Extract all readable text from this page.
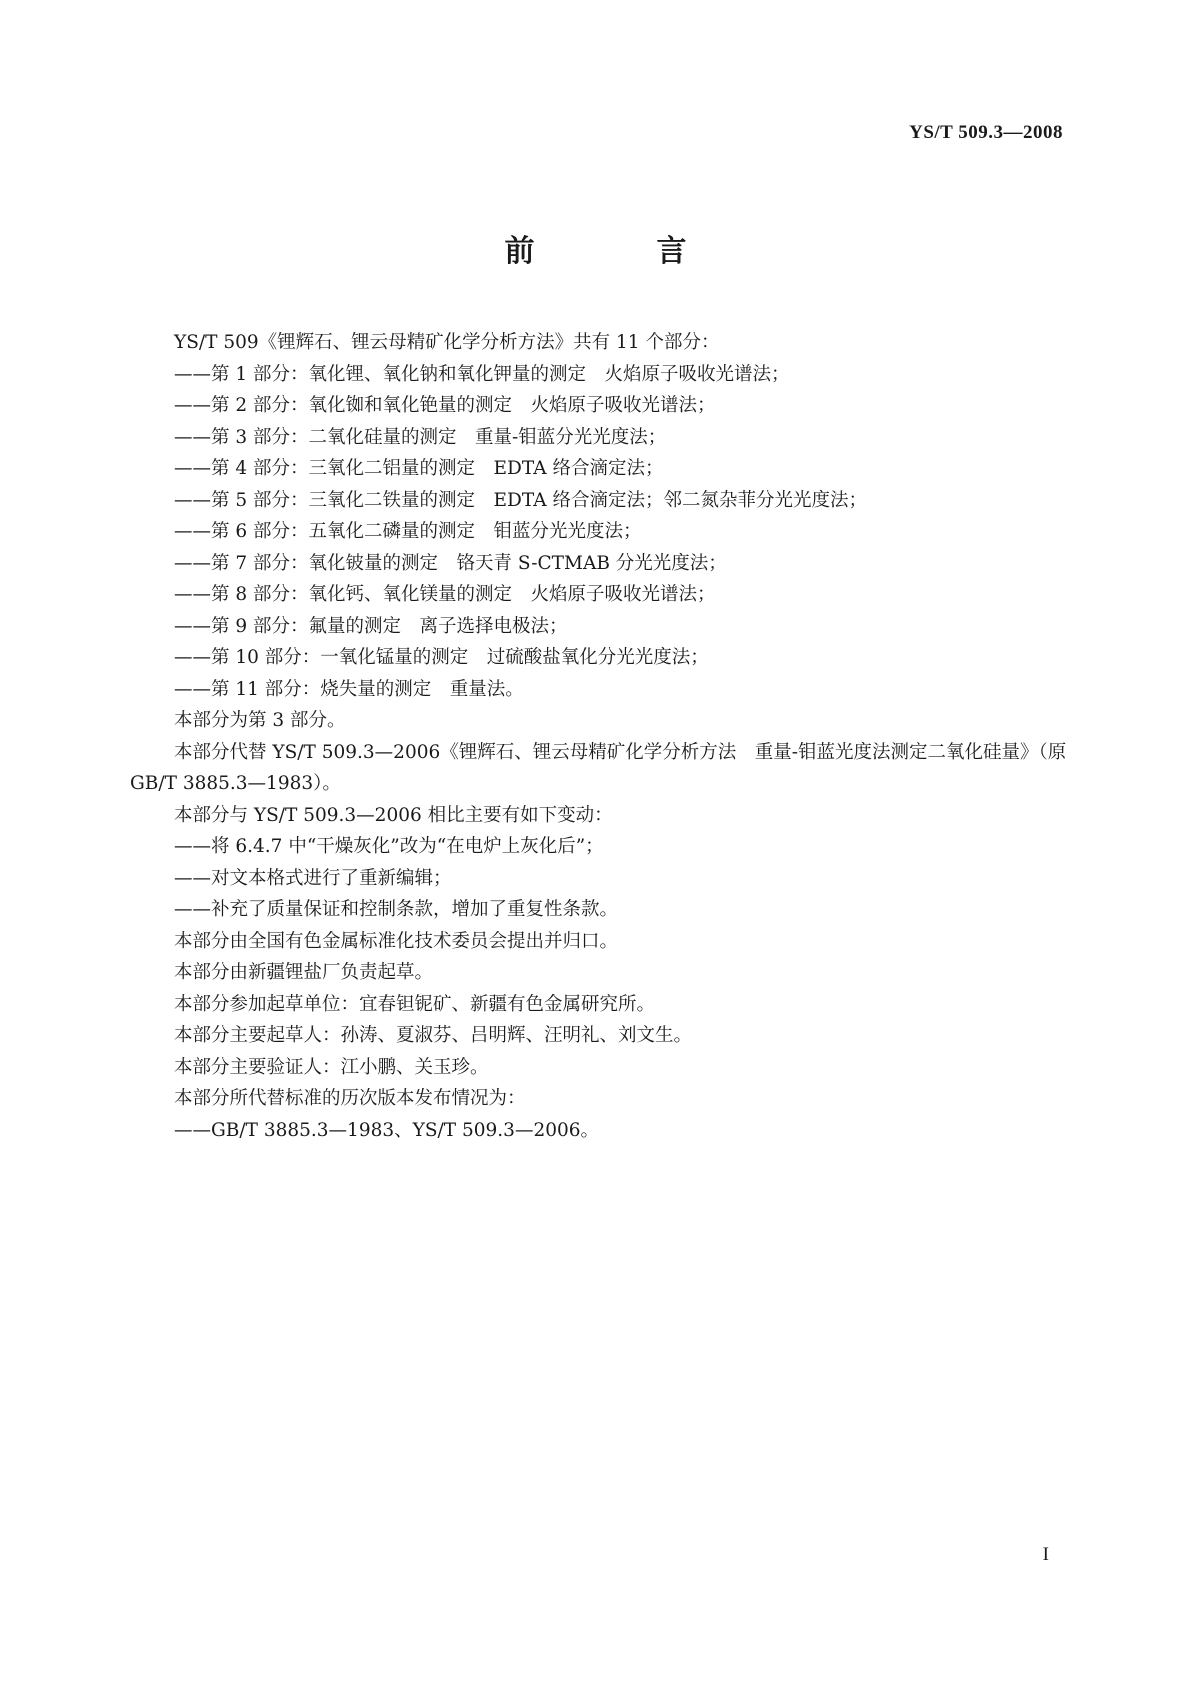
YS/T 509.3—2008
前　言

YS/T 509《锂辉石、锂云母精矿化学分析方法》共有 11 个部分：

——第 1 部分：氧化锂、氧化钠和氧化钾量的测定　火焰原子吸收光谱法；

——第 2 部分：氧化铷和氧化铯量的测定　火焰原子吸收光谱法；

——第 3 部分：二氧化硅量的测定　重量-钼蓝分光光度法；

——第 4 部分：三氧化二铝量的测定　EDTA 络合滴定法；

——第 5 部分：三氧化二铁量的测定　EDTA 络合滴定法；邻二氮杂菲分光光度法；

——第 6 部分：五氧化二磷量的测定　钼蓝分光光度法；

——第 7 部分：氧化铍量的测定　铬天青 S-CTMAB 分光光度法；

——第 8 部分：氧化钙、氧化镁量的测定　火焰原子吸收光谱法；

——第 9 部分：氟量的测定　离子选择电极法；

——第 10 部分：一氧化锰量的测定　过硫酸盐氧化分光光度法；

——第 11 部分：烧失量的测定　重量法。

本部分为第 3 部分。

本部分代替 YS/T 509.3—2006《锂辉石、锂云母精矿化学分析方法　重量-钼蓝光度法测定二氧化硅量》（原 GB/T 3885.3—1983）。

本部分与 YS/T 509.3—2006 相比主要有如下变动：

——将 6.4.7 中“干燥灰化”改为“在电炉上灰化后”；

——对文本格式进行了重新编辑；

——补充了质量保证和控制条款，增加了重复性条款。

本部分由全国有色金属标准化技术委员会提出并归口。

本部分由新疆锂盐厂负责起草。

本部分参加起草单位：宜春钽铌矿、新疆有色金属研究所。

本部分主要起草人：孙涛、夏淑芬、吕明辉、汪明礼、刘文生。

本部分主要验证人：江小鹏、关玉珍。

本部分所代替标准的历次版本发布情况为：

——GB/T 3885.3—1983、YS/T 509.3—2006。

I
